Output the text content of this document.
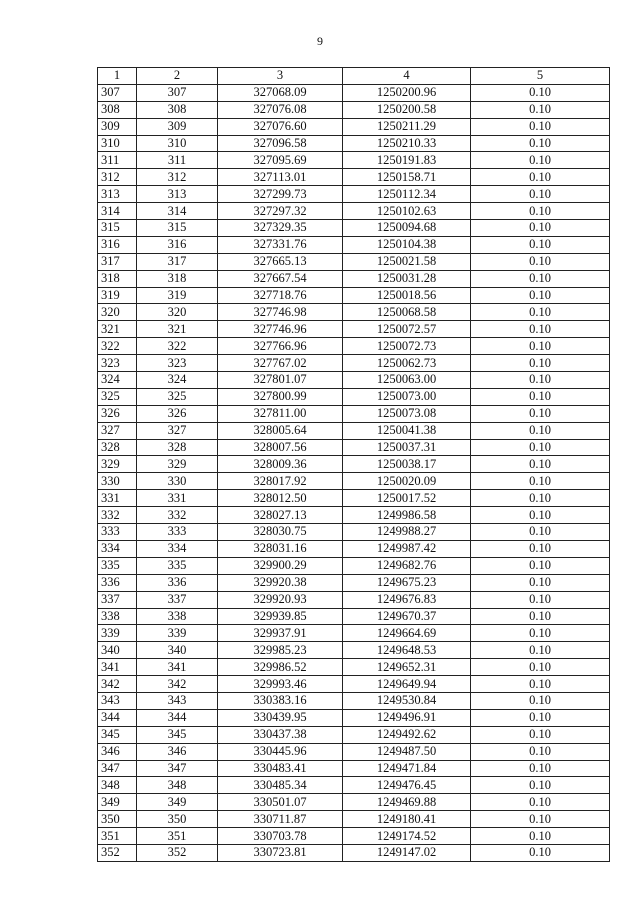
9
1	2	3	4	5
307	307	327068.09	1250200.96	0.10
308	308	327076.08	1250200.58	0.10
309	309	327076.60	1250211.29	0.10
310	310	327096.58	1250210.33	0.10
311	311	327095.69	1250191.83	0.10
312	312	327113.01	1250158.71	0.10
313	313	327299.73	1250112.34	0.10
314	314	327297.32	1250102.63	0.10
315	315	327329.35	1250094.68	0.10
316	316	327331.76	1250104.38	0.10
317	317	327665.13	1250021.58	0.10
318	318	327667.54	1250031.28	0.10
319	319	327718.76	1250018.56	0.10
320	320	327746.98	1250068.58	0.10
321	321	327746.96	1250072.57	0.10
322	322	327766.96	1250072.73	0.10
323	323	327767.02	1250062.73	0.10
324	324	327801.07	1250063.00	0.10
325	325	327800.99	1250073.00	0.10
326	326	327811.00	1250073.08	0.10
327	327	328005.64	1250041.38	0.10
328	328	328007.56	1250037.31	0.10
329	329	328009.36	1250038.17	0.10
330	330	328017.92	1250020.09	0.10
331	331	328012.50	1250017.52	0.10
332	332	328027.13	1249986.58	0.10
333	333	328030.75	1249988.27	0.10
334	334	328031.16	1249987.42	0.10
335	335	329900.29	1249682.76	0.10
336	336	329920.38	1249675.23	0.10
337	337	329920.93	1249676.83	0.10
338	338	329939.85	1249670.37	0.10
339	339	329937.91	1249664.69	0.10
340	340	329985.23	1249648.53	0.10
341	341	329986.52	1249652.31	0.10
342	342	329993.46	1249649.94	0.10
343	343	330383.16	1249530.84	0.10
344	344	330439.95	1249496.91	0.10
345	345	330437.38	1249492.62	0.10
346	346	330445.96	1249487.50	0.10
347	347	330483.41	1249471.84	0.10
348	348	330485.34	1249476.45	0.10
349	349	330501.07	1249469.88	0.10
350	350	330711.87	1249180.41	0.10
351	351	330703.78	1249174.52	0.10
352	352	330723.81	1249147.02	0.10
